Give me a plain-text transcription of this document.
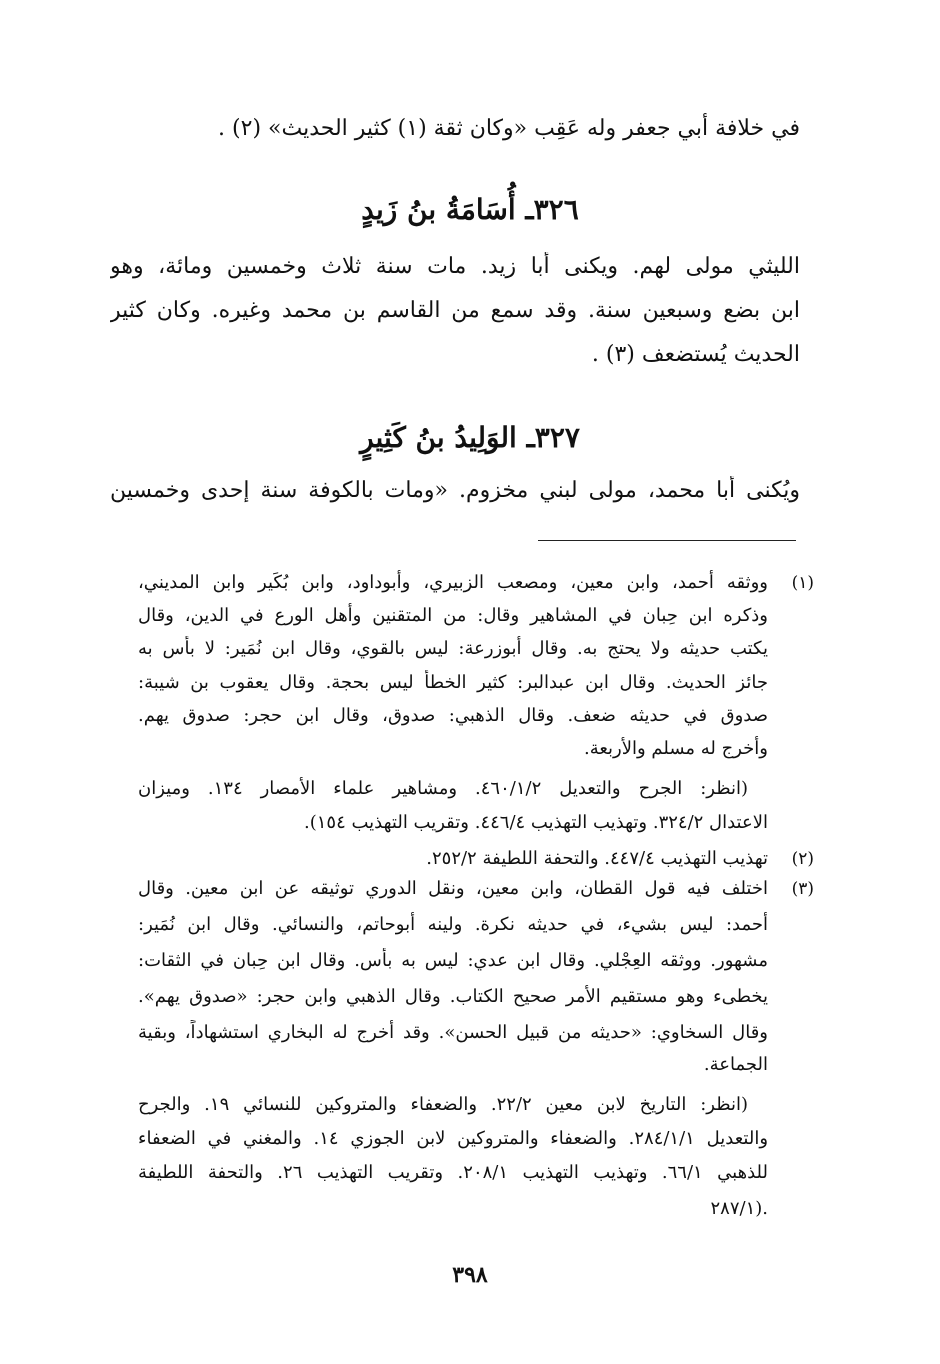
في خلافة أبي جعفر وله عَقِب «وكان ثقة (١) كثير الحديث» (٢) .
٣٢٦ـ أُسَامَةُ بنُ زَيدٍ
الليثي مولى لهم. ويكنى أبا زيد. مات سنة ثلاث وخمسين ومائة، وهو
ابن بضع وسبعين سنة. وقد سمع من القاسم بن محمد وغيره. وكان كثير
الحديث يُستضعف (٣) .
٣٢٧ـ الوَلِيدُ بنُ كَثِيرٍ
ويُكنى أبا محمد، مولى لبني مخزوم. «ومات بالكوفة سنة إحدى وخمسين
(١)
ووثقه أحمد، وابن معين، ومصعب الزبيري، وأبوداود، وابن بُكَير وابن المديني،
وذكره ابن حِبان في المشاهير وقال: من المتقنين وأهل الورع في الدين، وقال
يكتب حديثه ولا يحتج به. وقال أبوزرعة: ليس بالقوي، وقال ابن نُمَير: لا بأس به
جائز الحديث. وقال ابن عبدالبر: كثير الخطأ ليس بحجة. وقال يعقوب بن شيبة:
صدوق في حديثه ضعف. وقال الذهبي: صدوق، وقال ابن حجر: صدوق يهم.
وأخرج له مسلم والأربعة.
(انظر: الجرح والتعديل ٤٦٠/١/٢. ومشاهير علماء الأمصار ١٣٤. وميزان
الاعتدال ٣٢٤/٢. وتهذيب التهذيب ٤٤٦/٤. وتقريب التهذيب ١٥٤).
(٢)
تهذيب التهذيب ٤٤٧/٤. والتحفة اللطيفة ٢٥٢/٢.
(٣)
اختلف فيه قول القطان، وابن معين، ونقل الدوري توثيقه عن ابن معين. وقال
أحمد: ليس بشيء، في حديثه نكرة. ولينه أبوحاتم، والنسائي. وقال ابن نُمَير:
مشهور. ووثقه العِجْلي. وقال ابن عدي: ليس به بأس. وقال ابن حِبان في الثقات:
يخطىء وهو مستقيم الأمر صحيح الكتاب. وقال الذهبي وابن حجر: «صدوق يهم».
وقال السخاوي: «حديثه من قبيل الحسن». وقد أخرج له البخاري استشهاداً، وبقية
الجماعة.
(انظر: التاريخ لابن معين ٢٢/٢. والضعفاء والمتروكين للنسائي ١٩. والجرح
والتعديل ٢٨٤/١/١. والضعفاء والمتروكين لابن الجوزي ١٤. والمغني في الضعفاء
للذهبي ٦٦/١. وتهذيب التهذيب ٢٠٨/١. وتقريب التهذيب ٢٦. والتحفة اللطيفة
٢٨٧/١).
٣٩٨
